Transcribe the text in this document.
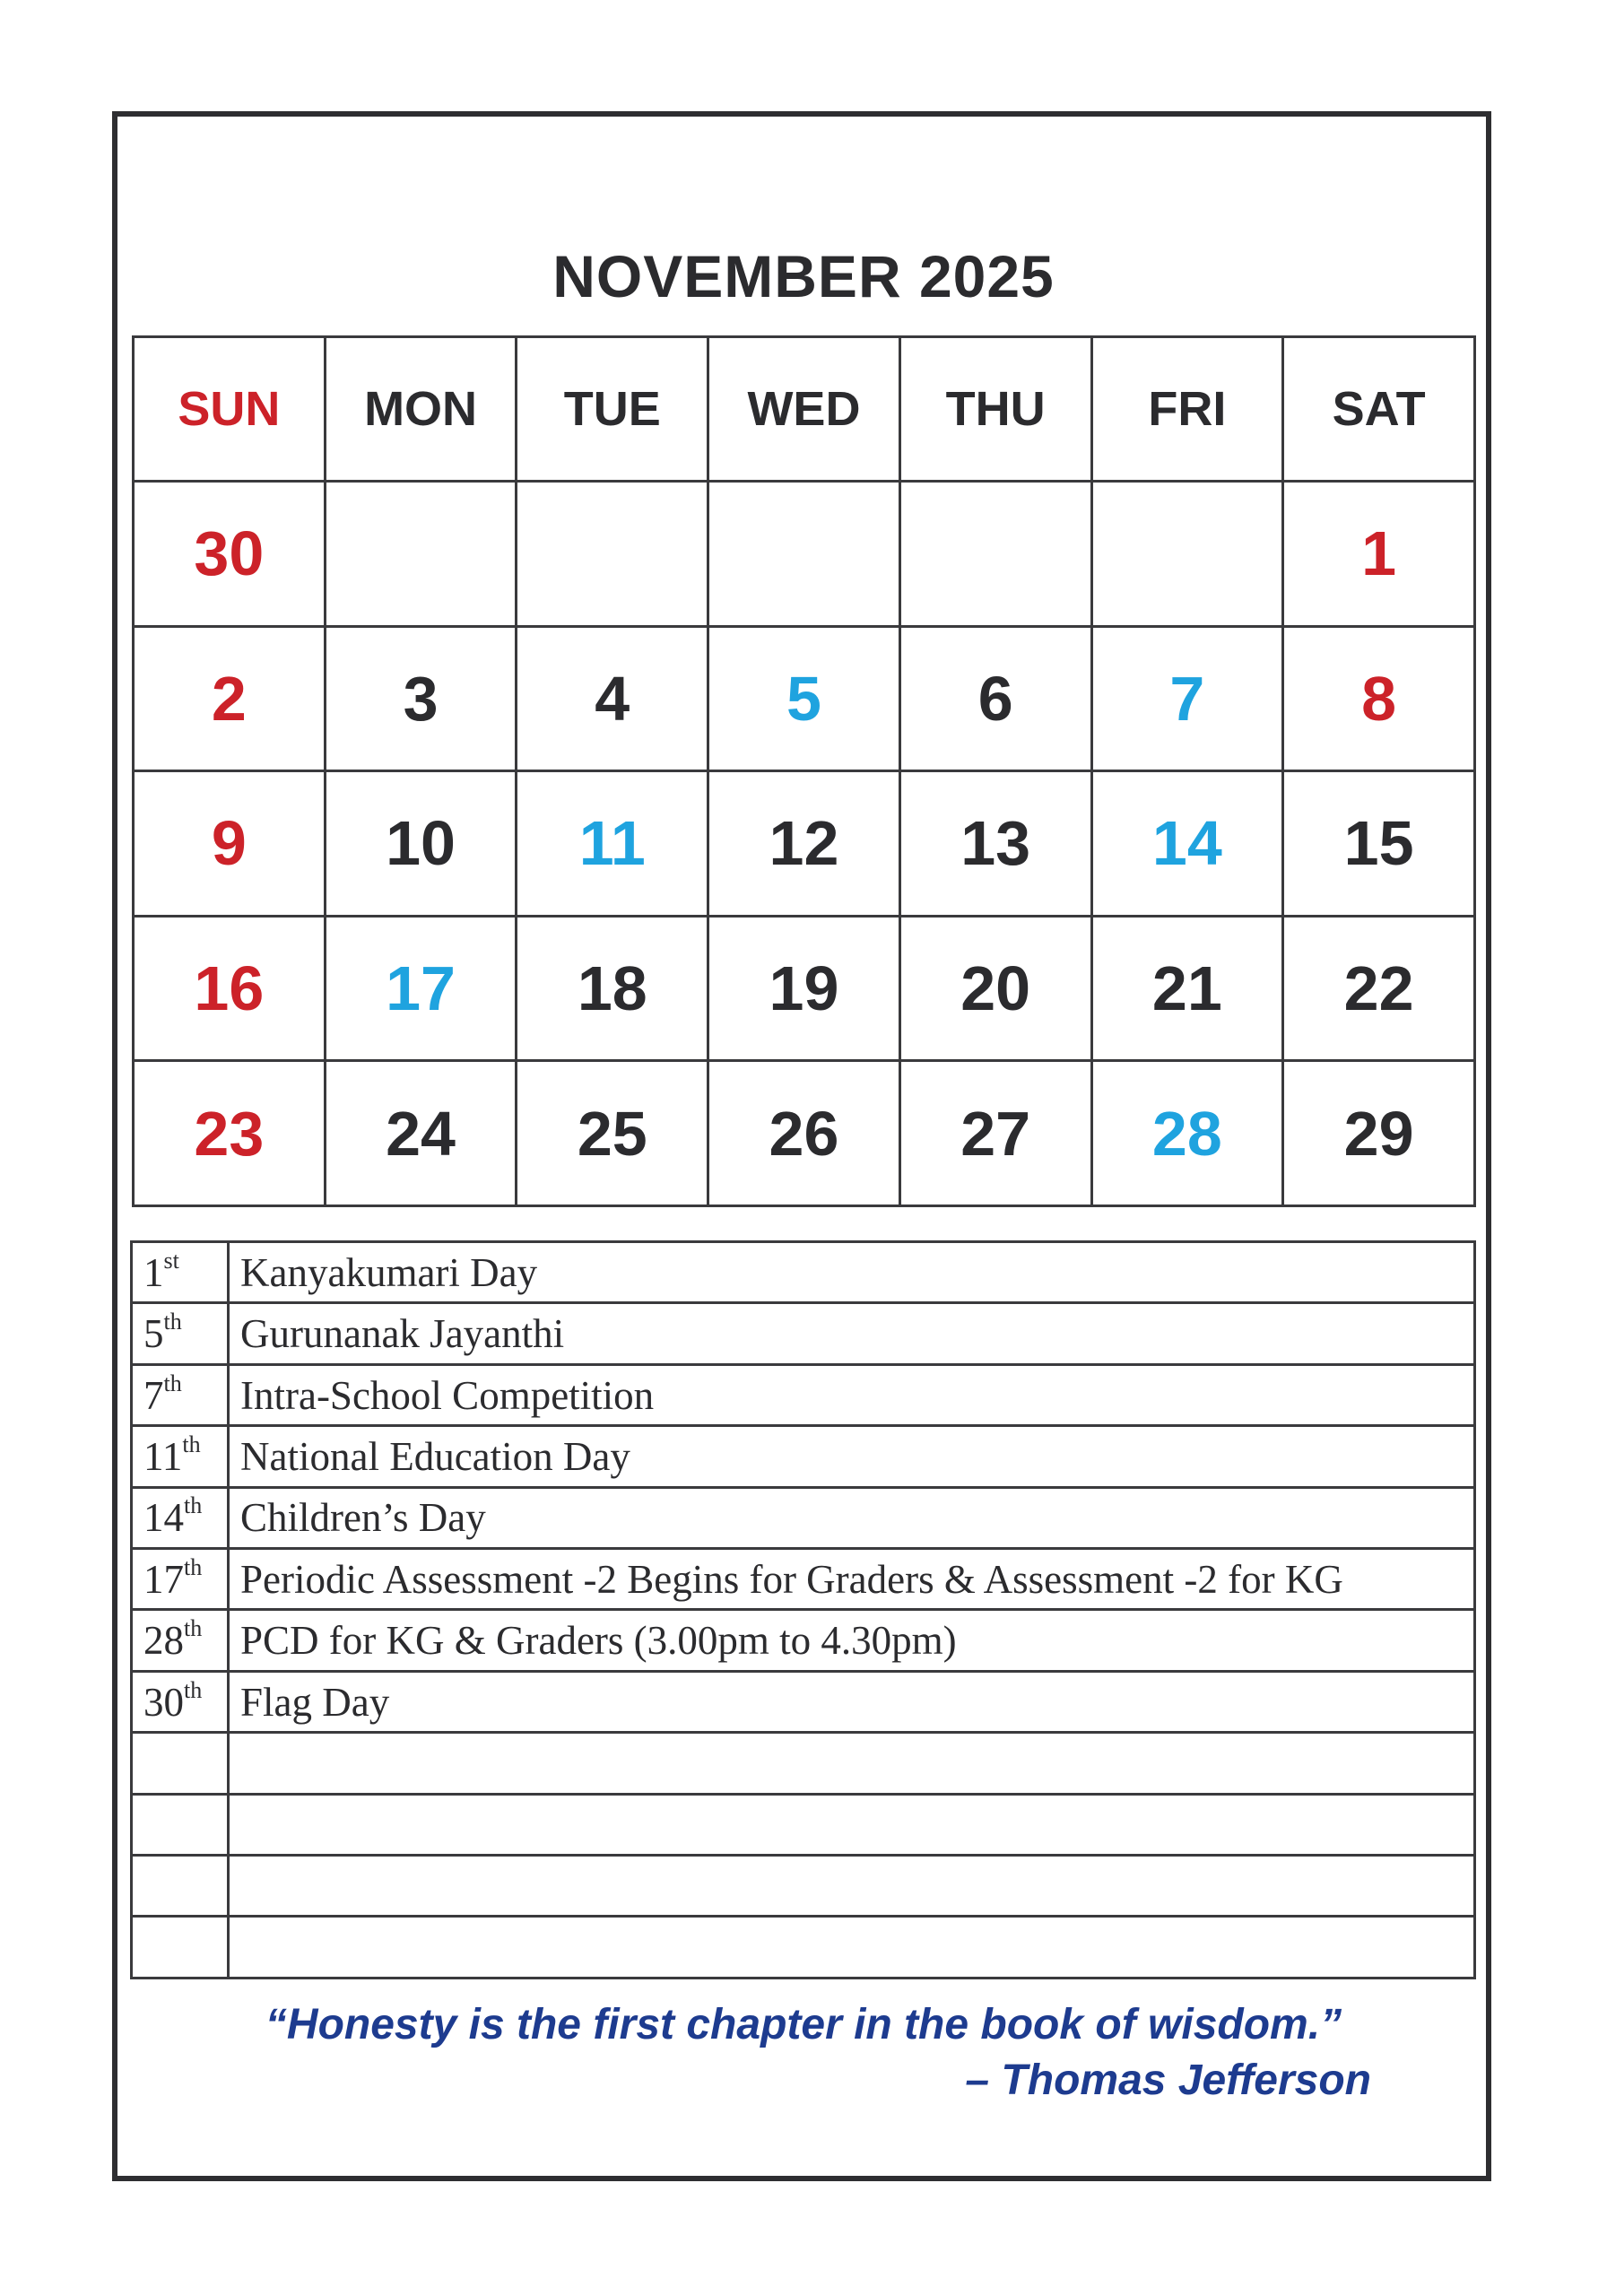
NOVEMBER 2025
SUN	MON	TUE	WED	THU	FRI	SAT
30						1
2	3	4	5	6	7	8
9	10	11	12	13	14	15
16	17	18	19	20	21	22
23	24	25	26	27	28	29
1st	Kanyakumari Day
5th	Gurunanak Jayanthi
7th	Intra-School Competition
11th	National Education Day
14th	Children’s Day
17th	Periodic Assessment -2 Begins for Graders & Assessment -2 for KG
28th	PCD for KG & Graders (3.00pm to 4.30pm)
30th	Flag Day

“Honesty is the first chapter in the book of wisdom.”

– Thomas Jefferson
